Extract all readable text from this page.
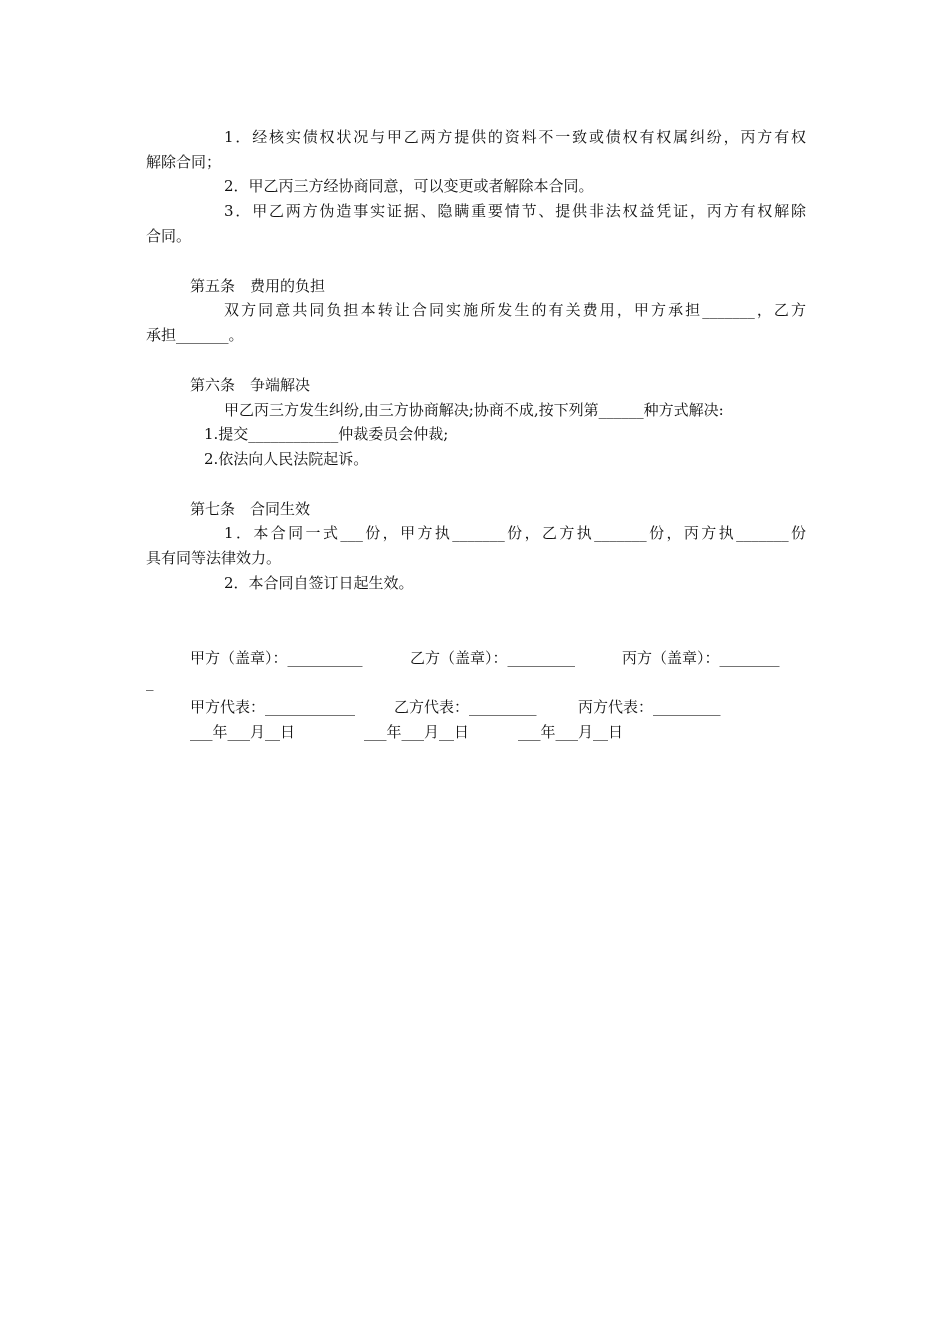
1．经核实债权状况与甲乙两方提供的资料不一致或债权有权属纠纷，丙方有权

解除合同；

2．甲乙丙三方经协商同意，可以变更或者解除本合同。

3．甲乙两方伪造事实证据、隐瞒重要情节、提供非法权益凭证，丙方有权解除

合同。

第五条　费用的负担

双方同意共同负担本转让合同实施所发生的有关费用，甲方承担_______，乙方

承担_______。

第六条　争端解决

甲乙丙三方发生纠纷,由三方协商解决;协商不成,按下列第______种方式解决:

1.提交____________仲裁委员会仲裁;

2.依法向人民法院起诉。

第七条　合同生效

1．本合同一式___份，甲方执_______份，乙方执_______份，丙方执_______份

具有同等法律效力。

2．本合同自签订日起生效。

甲方（盖章）：__________	乙方（盖章）：_________	丙方（盖章）：________

_

甲方代表：____________	乙方代表：_________	丙方代表：_________

___年___月__日	___年___月__日	___年___月__日
